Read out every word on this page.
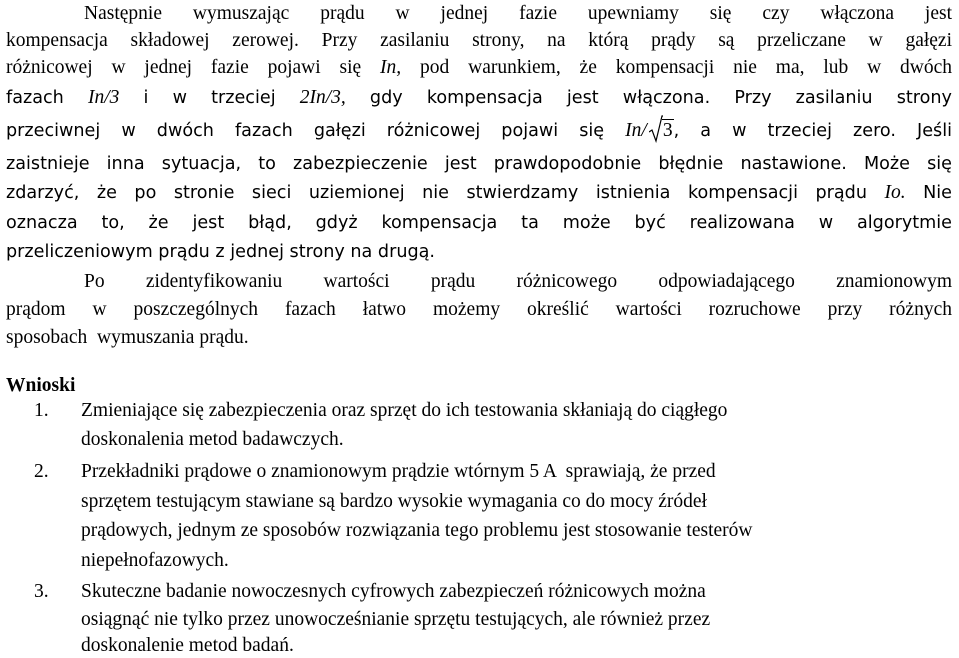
Następnie wymuszając prądu w jednej fazie upewniamy się czy włączona jest
kompensacja składowej zerowej. Przy zasilaniu strony, na którą prądy są przeliczane w gałęzi
różnicowej w jednej fazie pojawi się In, pod warunkiem, że kompensacji nie ma, lub w dwóch
fazach In/3 i w trzeciej 2In/3, gdy kompensacja jest włączona. Przy zasilaniu strony
przeciwnej w dwóch fazach gałęzi różnicowej pojawi się In/ 3, a w trzeciej zero. Jeśli
zaistnieje inna sytuacja, to zabezpieczenie jest prawdopodobnie błędnie nastawione. Może się
zdarzyć, że po stronie sieci uziemionej nie stwierdzamy istnienia kompensacji prądu Io. Nie
oznacza to, że jest błąd, gdyż kompensacja ta może być realizowana w algorytmie
przeliczeniowym prądu z jednej strony na drugą.
Po zidentyfikowaniu wartości prądu różnicowego odpowiadającego znamionowym
prądom w poszczególnych fazach łatwo możemy określić wartości rozruchowe przy różnych
sposobach  wymuszania prądu.
Wnioski
1. Zmieniające się zabezpieczenia oraz sprzęt do ich testowania skłaniają do ciągłego
doskonalenia metod badawczych.
2. Przekładniki prądowe o znamionowym prądzie wtórnym 5 A  sprawiają, że przed
sprzętem testującym stawiane są bardzo wysokie wymagania co do mocy źródeł
prądowych, jednym ze sposobów rozwiązania tego problemu jest stosowanie testerów
niepełnofazowych.
3. Skuteczne badanie nowoczesnych cyfrowych zabezpieczeń różnicowych można
osiągnąć nie tylko przez unowocześnianie sprzętu testujących, ale również przez
doskonalenie metod badań.
